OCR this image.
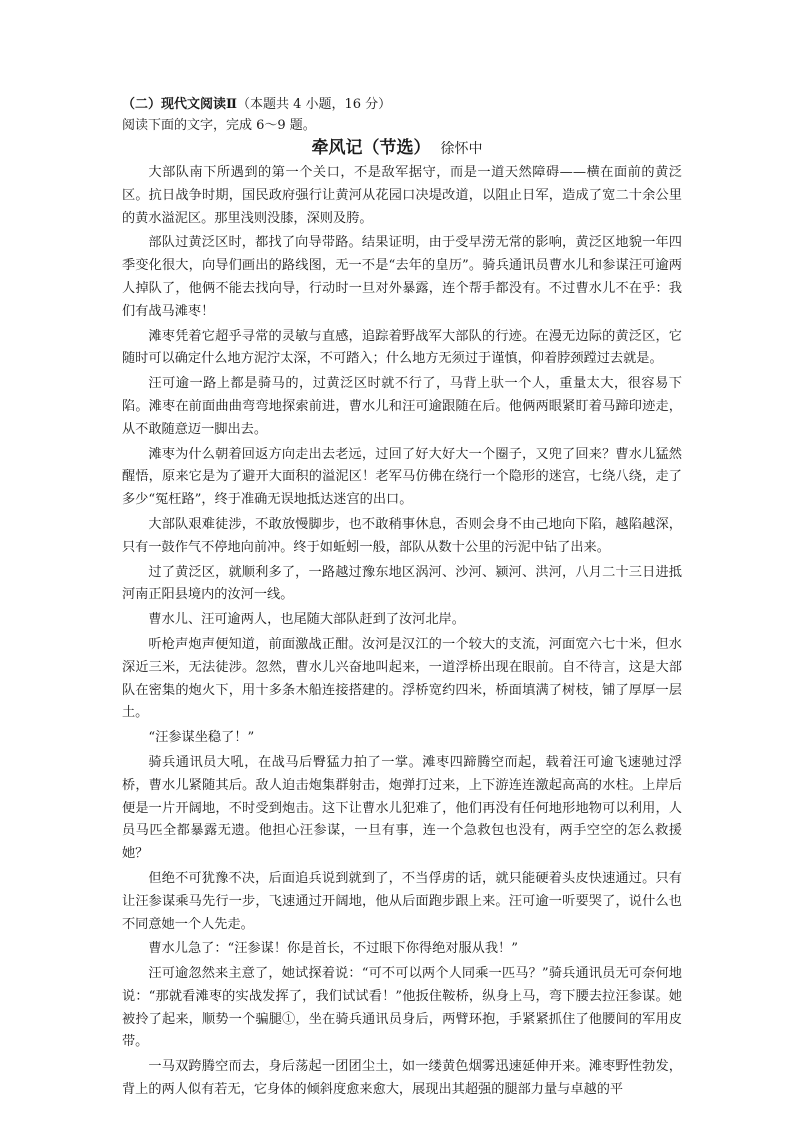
（二）现代文阅读Ⅱ（本题共 4 小题，16 分）
阅读下面的文字，完成 6～9 题。
牵风记（节选） 徐怀中

大部队南下所遇到的第一个关口，不是敌军据守，而是一道天然障碍——横在面前的黄泛区。抗日战争时期，国民政府强行让黄河从花园口决堤改道，以阻止日军，造成了宽二十余公里的黄水溢泥区。那里浅则没膝，深则及胯。

部队过黄泛区时，都找了向导带路。结果证明，由于受早涝无常的影响，黄泛区地貌一年四季变化很大，向导们画出的路线图，无一不是“去年的皇历”。骑兵通讯员曹水儿和参谋汪可逾两人掉队了，他俩不能去找向导，行动时一旦对外暴露，连个帮手都没有。不过曹水儿不在乎：我们有战马滩枣！

滩枣凭着它超乎寻常的灵敏与直感，追踪着野战军大部队的行迹。在漫无边际的黄泛区，它随时可以确定什么地方泥泞太深，不可踏入；什么地方无须过于谨慎，仰着脖颈蹚过去就是。

汪可逾一路上都是骑马的，过黄泛区时就不行了，马背上驮一个人，重量太大，很容易下陷。滩枣在前面曲曲弯弯地探索前进，曹水儿和汪可逾跟随在后。他俩两眼紧盯着马蹄印迹走，从不敢随意迈一脚出去。

滩枣为什么朝着回返方向走出去老远，过回了好大好大一个圈子，又兜了回来？曹水儿猛然醒悟，原来它是为了避开大面积的溢泥区！老军马仿佛在绕行一个隐形的迷宫，七绕八绕，走了多少“冤枉路”，终于准确无误地抵达迷宫的出口。

大部队艰难徒涉，不敢放慢脚步，也不敢稍事休息，否则会身不由己地向下陷，越陷越深，只有一鼓作气不停地向前冲。终于如蚯蚓一般，部队从数十公里的污泥中钻了出来。

过了黄泛区，就顺利多了，一路越过豫东地区涡河、沙河、颍河、洪河，八月二十三日进抵河南正阳县境内的汝河一线。

曹水儿、汪可逾两人，也尾随大部队赶到了汝河北岸。

听枪声炮声便知道，前面激战正酣。汝河是汉江的一个较大的支流，河面宽六七十米，但水深近三米，无法徒涉。忽然，曹水儿兴奋地叫起来，一道浮桥出现在眼前。自不待言，这是大部队在密集的炮火下，用十多条木船连接搭建的。浮桥宽约四米，桥面填满了树枝，铺了厚厚一层土。

“汪参谋坐稳了！”

骑兵通讯员大吼，在战马后臀猛力拍了一掌。滩枣四蹄腾空而起，载着汪可逾飞速驰过浮桥，曹水儿紧随其后。敌人迫击炮集群射击，炮弹打过来，上下游连连激起高高的水柱。上岸后便是一片开阔地，不时受到炮击。这下让曹水儿犯难了，他们再没有任何地形地物可以利用，人员马匹全都暴露无遗。他担心汪参谋，一旦有事，连一个急救包也没有，两手空空的怎么救援她？

但绝不可犹豫不决，后面追兵说到就到了，不当俘虏的话，就只能硬着头皮快速通过。只有让汪参谋乘马先行一步，飞速通过开阔地，他从后面跑步跟上来。汪可逾一听要哭了，说什么也不同意她一个人先走。

曹水儿急了：“汪参谋！你是首长，不过眼下你得绝对服从我！”

汪可逾忽然来主意了，她试探着说：“可不可以两个人同乘一匹马？”骑兵通讯员无可奈何地说：“那就看滩枣的实战发挥了，我们试试看！”他扳住鞍桥，纵身上马，弯下腰去拉汪参谋。她被拎了起来，顺势一个骗腿①，坐在骑兵通讯员身后，两臂环抱，手紧紧抓住了他腰间的军用皮带。

一马双跨腾空而去，身后荡起一团团尘土，如一缕黄色烟雾迅速延伸开来。滩枣野性勃发，背上的两人似有若无，它身体的倾斜度愈来愈大，展现出其超强的腿部力量与卓越的平
